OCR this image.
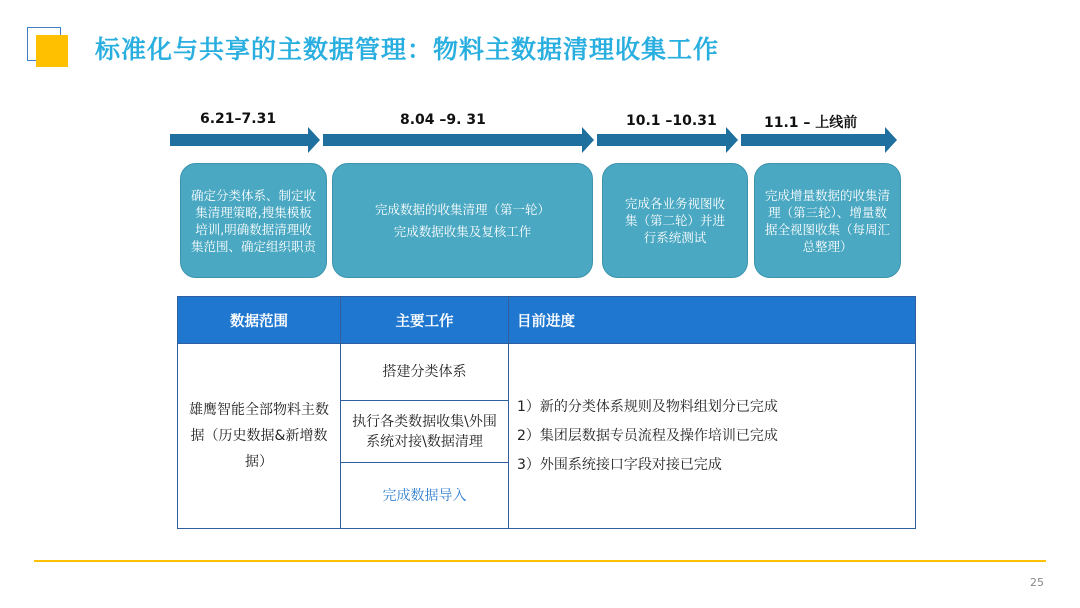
标准化与共享的主数据管理：物料主数据清理收集工作
6.21–7.31	8.04 –9. 31	10.1 –10.31	11.1 – 上线前
确定分类体系、制定收集清理策略,搜集模板培训,明确数据清理收集范围、确定组织职责
完成数据的收集清理（第一轮）
完成数据收集及复核工作
完成各业务视图收集（第二轮）并进行系统测试
完成增量数据的收集清理（第三轮）、增量数据全视图收集（每周汇总整理）
数据范围	主要工作	目前进度
雄鹰智能全部物料主数据（历史数据&新增数据）	搭建分类体系	1）新的分类体系规则及物料组划分已完成
2）集团层数据专员流程及操作培训已完成
3）外围系统接口字段对接已完成

	执行各类数据收集\外围系统对接\数据清理	
	完成数据导入	
25
